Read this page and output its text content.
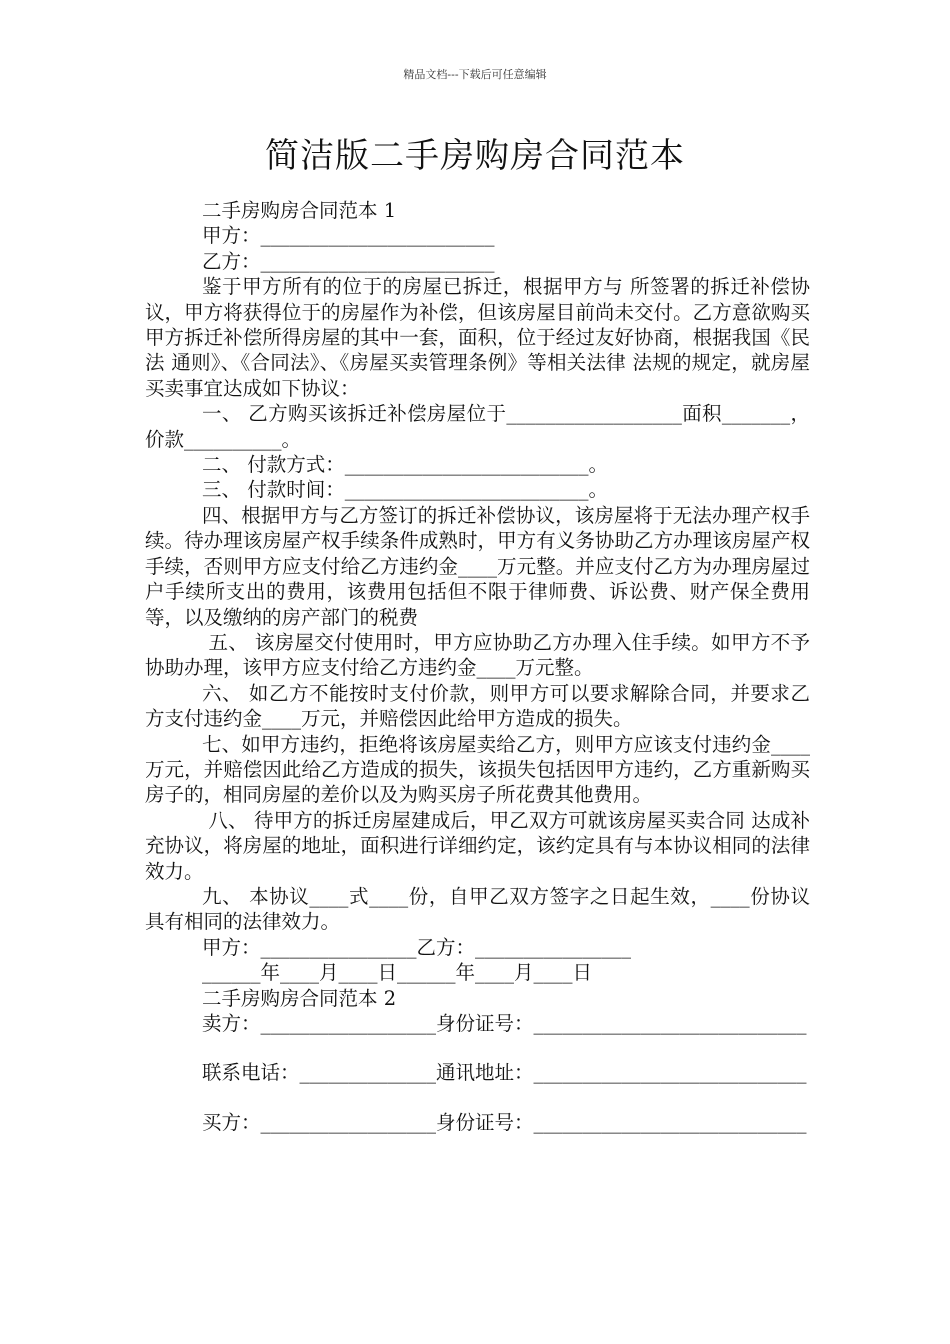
精品文档---下载后可任意编辑
简洁版二手房购房合同范本
二手房购房合同范本 1
甲方：________________________
乙方：________________________
鉴于甲方所有的位于的房屋已拆迁，根据甲方与 所签署的拆迁补偿协议，甲方将获得位于的房屋作为补偿，但该房屋目前尚未交付。乙方意欲购买甲方拆迁补偿所得房屋的其中一套，面积，位于经过友好协商，根据我国《民法 通则》、《合同法》、《房屋买卖管理条例》等相关法律 法规的规定，就房屋买卖事宜达成如下协议：
一、 乙方购买该拆迁补偿房屋位于__________________面积_______，价款__________。
二、 付款方式：_________________________。
三、 付款时间：_________________________。
四、根据甲方与乙方签订的拆迁补偿协议，该房屋将于无法办理产权手续。待办理该房屋产权手续条件成熟时，甲方有义务协助乙方办理该房屋产权手续，否则甲方应支付给乙方违约金____万元整。并应支付乙方为办理房屋过户手续所支出的费用，该费用包括但不限于律师费、诉讼费、财产保全费用等，以及缴纳的房产部门的税费
五、 该房屋交付使用时，甲方应协助乙方办理入住手续。如甲方不予协助办理，该甲方应支付给乙方违约金____万元整。
六、 如乙方不能按时支付价款，则甲方可以要求解除合同，并要求乙方支付违约金____万元，并赔偿因此给甲方造成的损失。
七、如甲方违约，拒绝将该房屋卖给乙方，则甲方应该支付违约金____万元，并赔偿因此给乙方造成的损失，该损失包括因甲方违约，乙方重新购买房子的，相同房屋的差价以及为购买房子所花费其他费用。
八、 待甲方的拆迁房屋建成后，甲乙双方可就该房屋买卖合同 达成补充协议，将房屋的地址，面积进行详细约定，该约定具有与本协议相同的法律效力。
九、 本协议____式____份，自甲乙双方签字之日起生效，____份协议具有相同的法律效力。
甲方：________________乙方：________________
______年____月____日______年____月____日
二手房购房合同范本 2
卖方：__________________身份证号：____________________________
联系电话：______________通讯地址：____________________________
买方：__________________身份证号：____________________________
